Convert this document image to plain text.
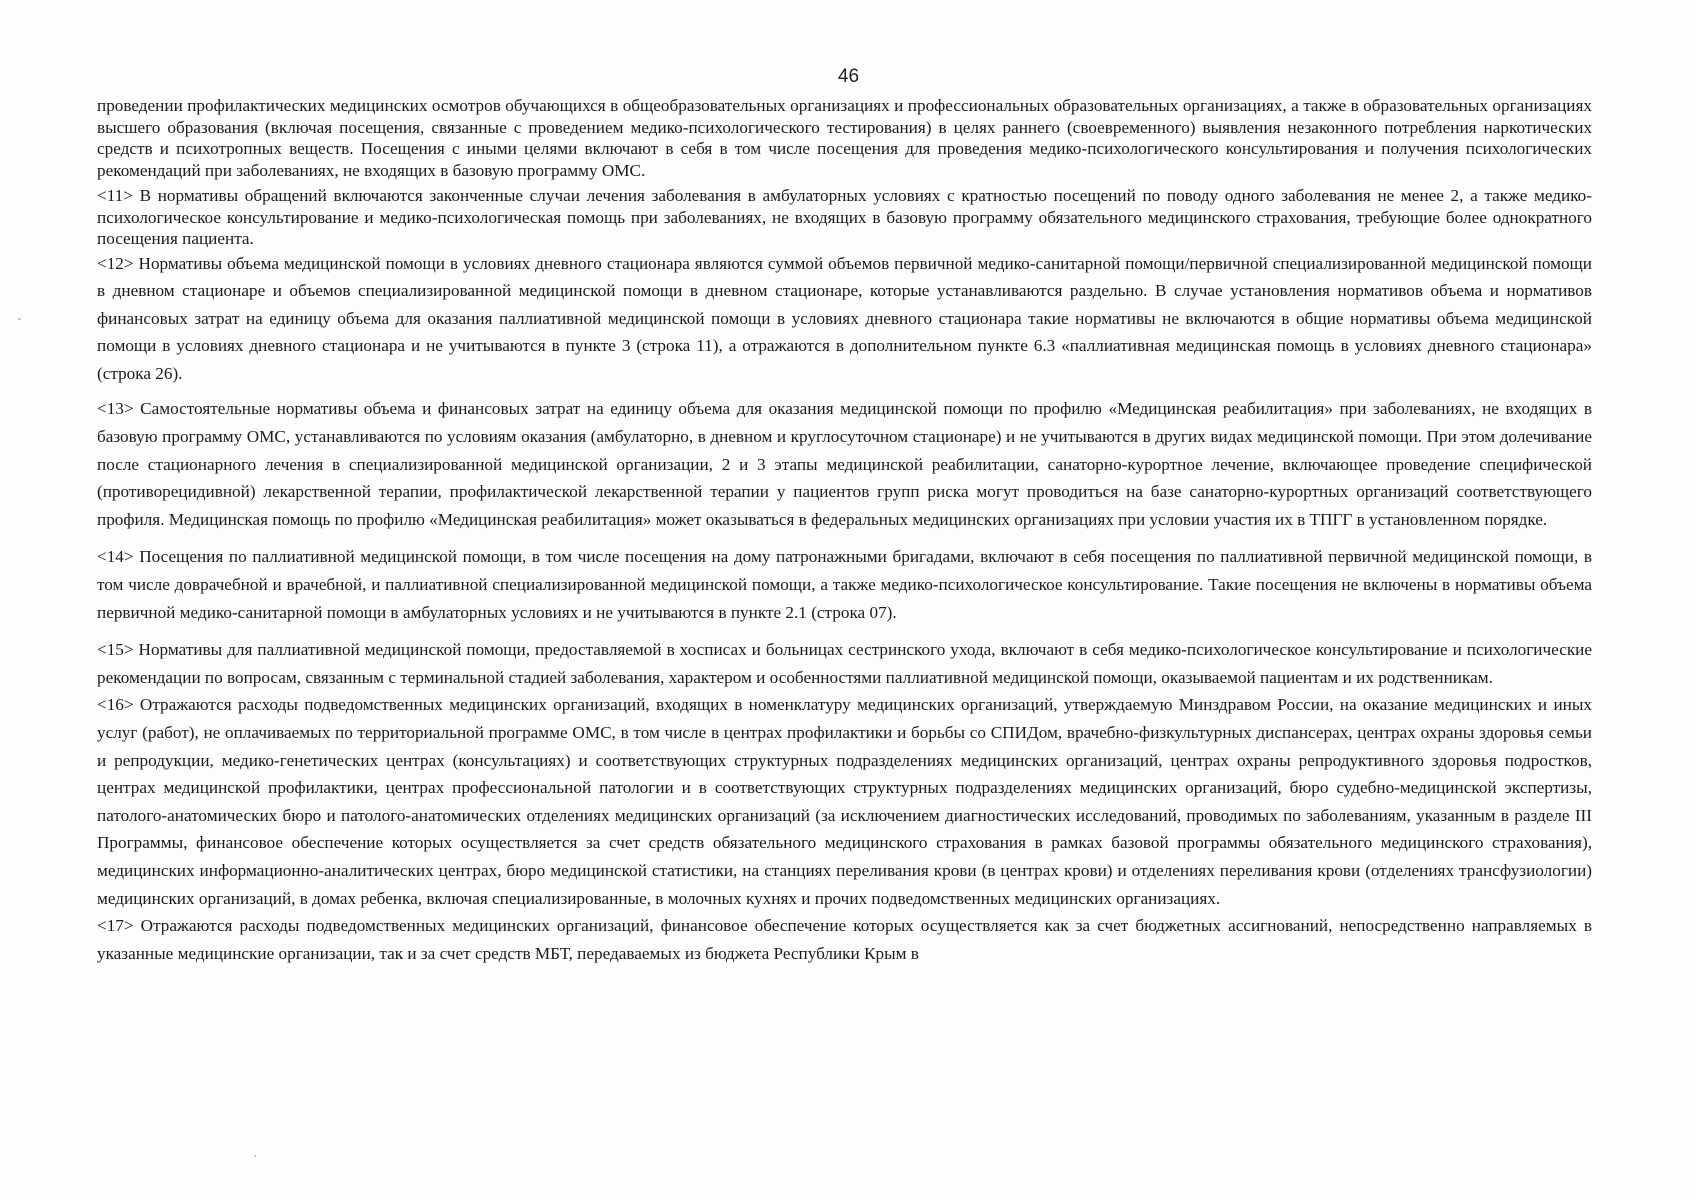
46

проведении профилактических медицинских осмотров обучающихся в общеобразовательных организациях и профессиональных образовательных организациях, а также в образовательных организациях высшего образования (включая посещения, связанные с проведением медико-психологического тестирования) в целях раннего (своевременного) выявления незаконного потребления наркотических средств и психотропных веществ. Посещения с иными целями включают в себя в том числе посещения для проведения медико-психологического консультирования и получения психологических рекомендаций при заболеваниях, не входящих в базовую программу ОМС.

<11> В нормативы обращений включаются законченные случаи лечения заболевания в амбулаторных условиях с кратностью посещений по поводу одного заболевания не менее 2, а также медико-психологическое консультирование и медико-психологическая помощь при заболеваниях, не входящих в базовую программу обязательного медицинского страхования, требующие более однократного посещения пациента.

<12> Нормативы объема медицинской помощи в условиях дневного стационара являются суммой объемов первичной медико-санитарной помощи/первичной специализированной медицинской помощи в дневном стационаре и объемов специализированной медицинской помощи в дневном стационаре, которые устанавливаются раздельно. В случае установления нормативов объема и нормативов финансовых затрат на единицу объема для оказания паллиативной медицинской помощи в условиях дневного стационара такие нормативы не включаются в общие нормативы объема медицинской помощи в условиях дневного стационара и не учитываются в пункте 3 (строка 11), а отражаются в дополнительном пункте 6.3 «паллиативная медицинская помощь в условиях дневного стационара» (строка 26).

<13> Самостоятельные нормативы объема и финансовых затрат на единицу объема для оказания медицинской помощи по профилю «Медицинская реабилитация» при заболеваниях, не входящих в базовую программу ОМС, устанавливаются по условиям оказания (амбулаторно, в дневном и круглосуточном стационаре) и не учитываются в других видах медицинской помощи. При этом долечивание после стационарного лечения в специализированной медицинской организации, 2 и 3 этапы медицинской реабилитации, санаторно-курортное лечение, включающее проведение специфической (противорецидивной) лекарственной терапии, профилактической лекарственной терапии у пациентов групп риска могут проводиться на базе санаторно-курортных организаций соответствующего профиля. Медицинская помощь по профилю «Медицинская реабилитация» может оказываться в федеральных медицинских организациях при условии участия их в ТПГГ в установленном порядке.

<14> Посещения по паллиативной медицинской помощи, в том числе посещения на дому патронажными бригадами, включают в себя посещения по паллиативной первичной медицинской помощи, в том числе доврачебной и врачебной, и паллиативной специализированной медицинской помощи, а также медико-психологическое консультирование. Такие посещения не включены в нормативы объема первичной медико-санитарной помощи в амбулаторных условиях и не учитываются в пункте 2.1 (строка 07).

<15> Нормативы для паллиативной медицинской помощи, предоставляемой в хосписах и больницах сестринского ухода, включают в себя медико-психологическое консультирование и психологические рекомендации по вопросам, связанным с терминальной стадией заболевания, характером и особенностями паллиативной медицинской помощи, оказываемой пациентам и их родственникам.

<16> Отражаются расходы подведомственных медицинских организаций, входящих в номенклатуру медицинских организаций, утверждаемую Минздравом России, на оказание медицинских и иных услуг (работ), не оплачиваемых по территориальной программе ОМС, в том числе в центрах профилактики и борьбы со СПИДом, врачебно-физкультурных диспансерах, центрах охраны здоровья семьи и репродукции, медико-генетических центрах (консультациях) и соответствующих структурных подразделениях медицинских организаций, центрах охраны репродуктивного здоровья подростков, центрах медицинской профилактики, центрах профессиональной патологии и в соответствующих структурных подразделениях медицинских организаций, бюро судебно-медицинской экспертизы, патолого-анатомических бюро и патолого-анатомических отделениях медицинских организаций (за исключением диагностических исследований, проводимых по заболеваниям, указанным в разделе III Программы, финансовое обеспечение которых осуществляется за счет средств обязательного медицинского страхования в рамках базовой программы обязательного медицинского страхования), медицинских информационно-аналитических центрах, бюро медицинской статистики, на станциях переливания крови (в центрах крови) и отделениях переливания крови (отделениях трансфузиологии) медицинских организаций, в домах ребенка, включая специализированные, в молочных кухнях и прочих подведомственных медицинских организациях.

<17> Отражаются расходы подведомственных медицинских организаций, финансовое обеспечение которых осуществляется как за счет бюджетных ассигнований, непосредственно направляемых в указанные медицинские организации, так и за счет средств МБТ, передаваемых из бюджета Республики Крым в
